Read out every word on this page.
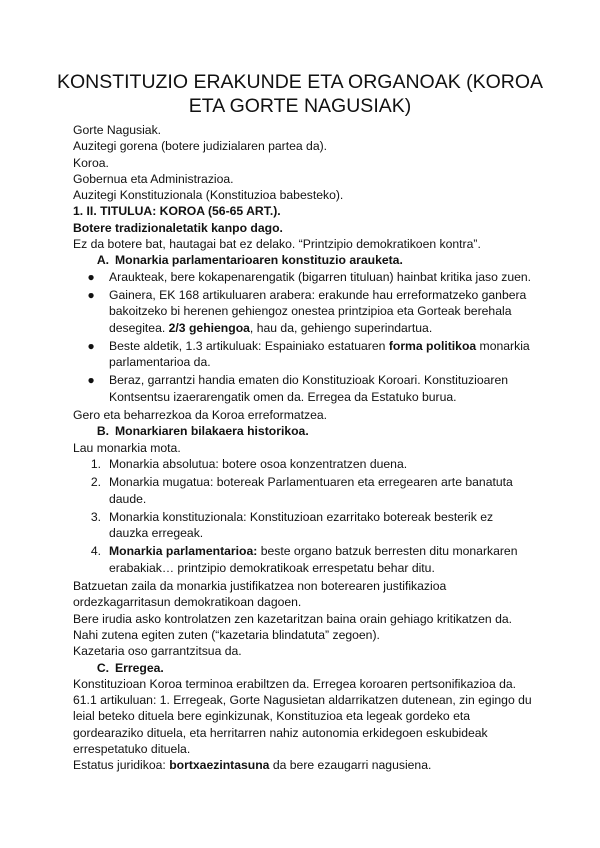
KONSTITUZIO ERAKUNDE ETA ORGANOAK (KOROA ETA GORTE NAGUSIAK)

Gorte Nagusiak.

Auzitegi gorena (botere judizialaren partea da).

Koroa.

Gobernua eta Administrazioa.

Auzitegi Konstituzionala (Konstituzioa babesteko).

1. II. TITULUA: KOROA (56-65 ART.).

Botere tradizionaletatik kanpo dago.

Ez da botere bat, hautagai bat ez delako. “Printzipio demokratikoen kontra”.

A. Monarkia parlamentarioaren konstituzio arauketa.
●	Araukteak, bere kokapenarengatik (bigarren tituluan) hainbat kritika jaso zuen.
●	Gainera, EK 168 artikuluaren arabera: erakunde hau erreformatzeko ganbera bakoitzeko bi herenen gehiengoz onestea printzipioa eta Gorteak berehala desegitea. 2/3 gehiengoa, hau da, gehiengo superindartua.
●	Beste aldetik, 1.3 artikuluak: Espainiako estatuaren forma politikoa monarkia parlamentarioa da.
●	Beraz, garrantzi handia ematen dio Konstituzioak Koroari. Konstituzioaren Kontsentsu izaerarengatik omen da. Erregea da Estatuko burua.

Gero eta beharrezkoa da Koroa erreformatzea.

B. Monarkiaren bilakaera historikoa.

Lau monarkia mota.

1. Monarkia absolutua: botere osoa konzentratzen duena.
2. Monarkia mugatua: botereak Parlamentuaren eta erregearen arte banatuta daude.
3. Monarkia konstituzionala: Konstituzioan ezarritako botereak besterik ez dauzka erregeak.
4. Monarkia parlamentarioa: beste organo batzuk berresten ditu monarkaren erabakiak… printzipio demokratikoak errespetatu behar ditu.

Batzuetan zaila da monarkia justifikatzea non boterearen justifikazioa ordezkagarritasun demokratikoan dagoen.

Bere irudia asko kontrolatzen zen kazetaritzan baina orain gehiago kritikatzen da. Nahi zutena egiten zuten (“kazetaria blindatuta” zegoen).

Kazetaria oso garrantzitsua da.

C. Erregea.

Konstituzioan Koroa terminoa erabiltzen da. Erregea koroaren pertsonifikazioa da.

61.1 artikuluan: 1. Erregeak, Gorte Nagusietan aldarrikatzen dutenean, zin egingo du leial beteko dituela bere eginkizunak, Konstituzioa eta legeak gordeko eta gordearaziko dituela, eta herritarren nahiz autonomia erkidegoen eskubideak errespetatuko dituela.

Estatus juridikoa: bortxaezintasuna da bere ezaugarri nagusiena.
